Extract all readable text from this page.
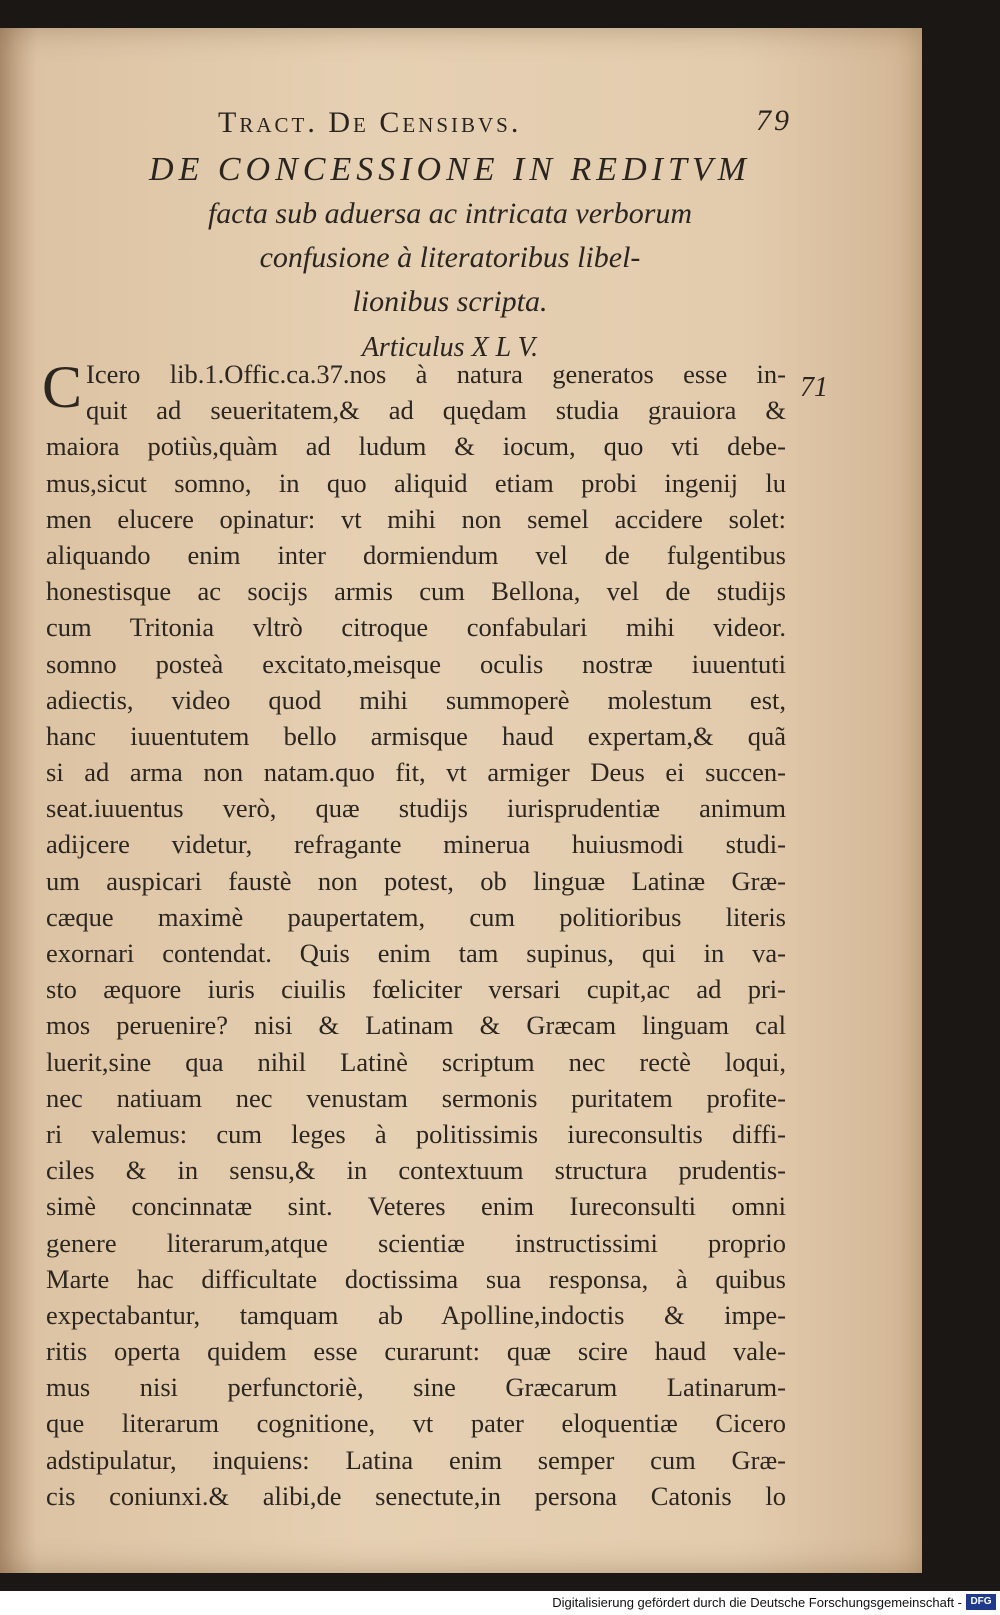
Tract. De Censibvs.	79
71
DE CONCESSIONE IN REDITVM
facta sub aduersa ac intricata verborum
confusione à literatoribus libel-
lionibus scripta.
Articulus X L V.
C Icero lib.1.Offic.ca.37.nos à natura generatos esse in-
quit ad seueritatem,& ad quędam studia grauiora &
maiora potiùs,quàm ad ludum & iocum, quo vti debe-
mus,sicut somno, in quo aliquid etiam probi ingenij lu
men elucere opinatur: vt mihi non semel accidere solet:
aliquando enim inter dormiendum vel de fulgentibus
honestisque ac socijs armis cum Bellona, vel de studijs
cum Tritonia vltrò citroque confabulari mihi videor.
somno posteà excitato,meisque oculis nostræ iuuentuti
adiectis, video quod mihi summoperè molestum est,
hanc iuuentutem bello armisque haud expertam,& quã
si ad arma non natam.quo fit, vt armiger Deus ei succen-
seat.iuuentus verò, quæ studijs iurisprudentiæ animum
adijcere videtur, refragante minerua huiusmodi studi-
um auspicari faustè non potest, ob linguæ Latinæ Græ-
cæque maximè paupertatem, cum politioribus literis
exornari contendat. Quis enim tam supinus, qui in va-
sto æquore iuris ciuilis fœliciter versari cupit,ac ad pri-
mos peruenire? nisi & Latinam & Græcam linguam cal
luerit,sine qua nihil Latinè scriptum nec rectè loqui,
nec natiuam nec venustam sermonis puritatem profite-
ri valemus: cum leges à politissimis iureconsultis diffi-
ciles & in sensu,& in contextuum structura prudentis-
simè concinnatæ sint. Veteres enim Iureconsulti omni
genere literarum,atque scientiæ instructissimi proprio
Marte hac difficultate doctissima sua responsa, à quibus
expectabantur, tamquam ab Apolline,indoctis & impe-
ritis operta quidem esse curarunt: quæ scire haud vale-
mus nisi perfunctoriè, sine Græcarum Latinarum-
que literarum cognitione, vt pater eloquentiæ Cicero
adstipulatur, inquiens: Latina enim semper cum Græ-
cis coniunxi.& alibi,de senectute,in persona Catonis lo
Digitalisierung gefördert durch die Deutsche Forschungsgemeinschaft - DFG
